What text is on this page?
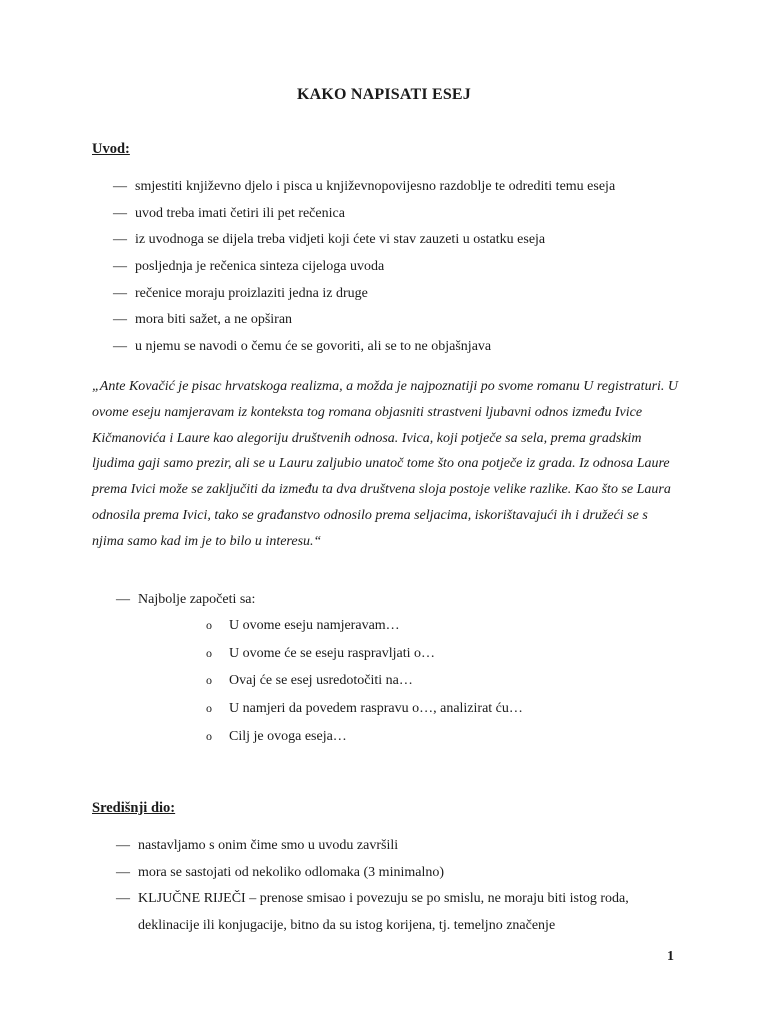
KAKO NAPISATI ESEJ
Uvod:
— smjestiti književno djelo i pisca u književnopovijesno razdoblje te odrediti temu eseja
— uvod treba imati četiri ili pet rečenica
— iz uvodnoga se dijela treba vidjeti koji ćete vi stav zauzeti u ostatku eseja
— posljednja je rečenica sinteza cijeloga uvoda
— rečenice moraju proizlaziti jedna iz druge
— mora biti sažet, a ne opširan
— u njemu se navodi o čemu će se govoriti, ali se to ne objašnjava

„Ante Kovačić je pisac hrvatskoga realizma, a možda je najpoznatiji po svome romanu U registraturi. U ovome eseju namjeravam iz konteksta tog romana objasniti strastveni ljubavni odnos između Ivice Kičmanovića i Laure kao alegoriju društvenih odnosa. Ivica, koji potječe sa sela, prema gradskim ljudima gaji samo prezir, ali se u Lauru zaljubio unatoč tome što ona potječe iz grada. Iz odnosa Laure prema Ivici može se zaključiti da između ta dva društvena sloja postoje velike razlike. Kao što se Laura odnosila prema Ivici, tako se građanstvo odnosilo prema seljacima, iskorištavajući ih i družeći se s njima samo kad im je to bilo u interesu.“

— Najbolje započeti sa:
o U ovome eseju namjeravam…
o U ovome će se eseju raspravljati o…
o Ovaj će se esej usredotočiti na…
o U namjeri da povedem raspravu o…, analizirat ću…
o Cilj je ovoga eseja…
Središnji dio:
— nastavljamo s onim čime smo u uvodu završili
— mora se sastojati od nekoliko odlomaka (3 minimalno)
— KLJUČNE RIJEČI – prenose smisao i povezuju se po smislu, ne moraju biti istog roda, deklinacije ili konjugacije, bitno da su istog korijena, tj. temeljno značenje
1
